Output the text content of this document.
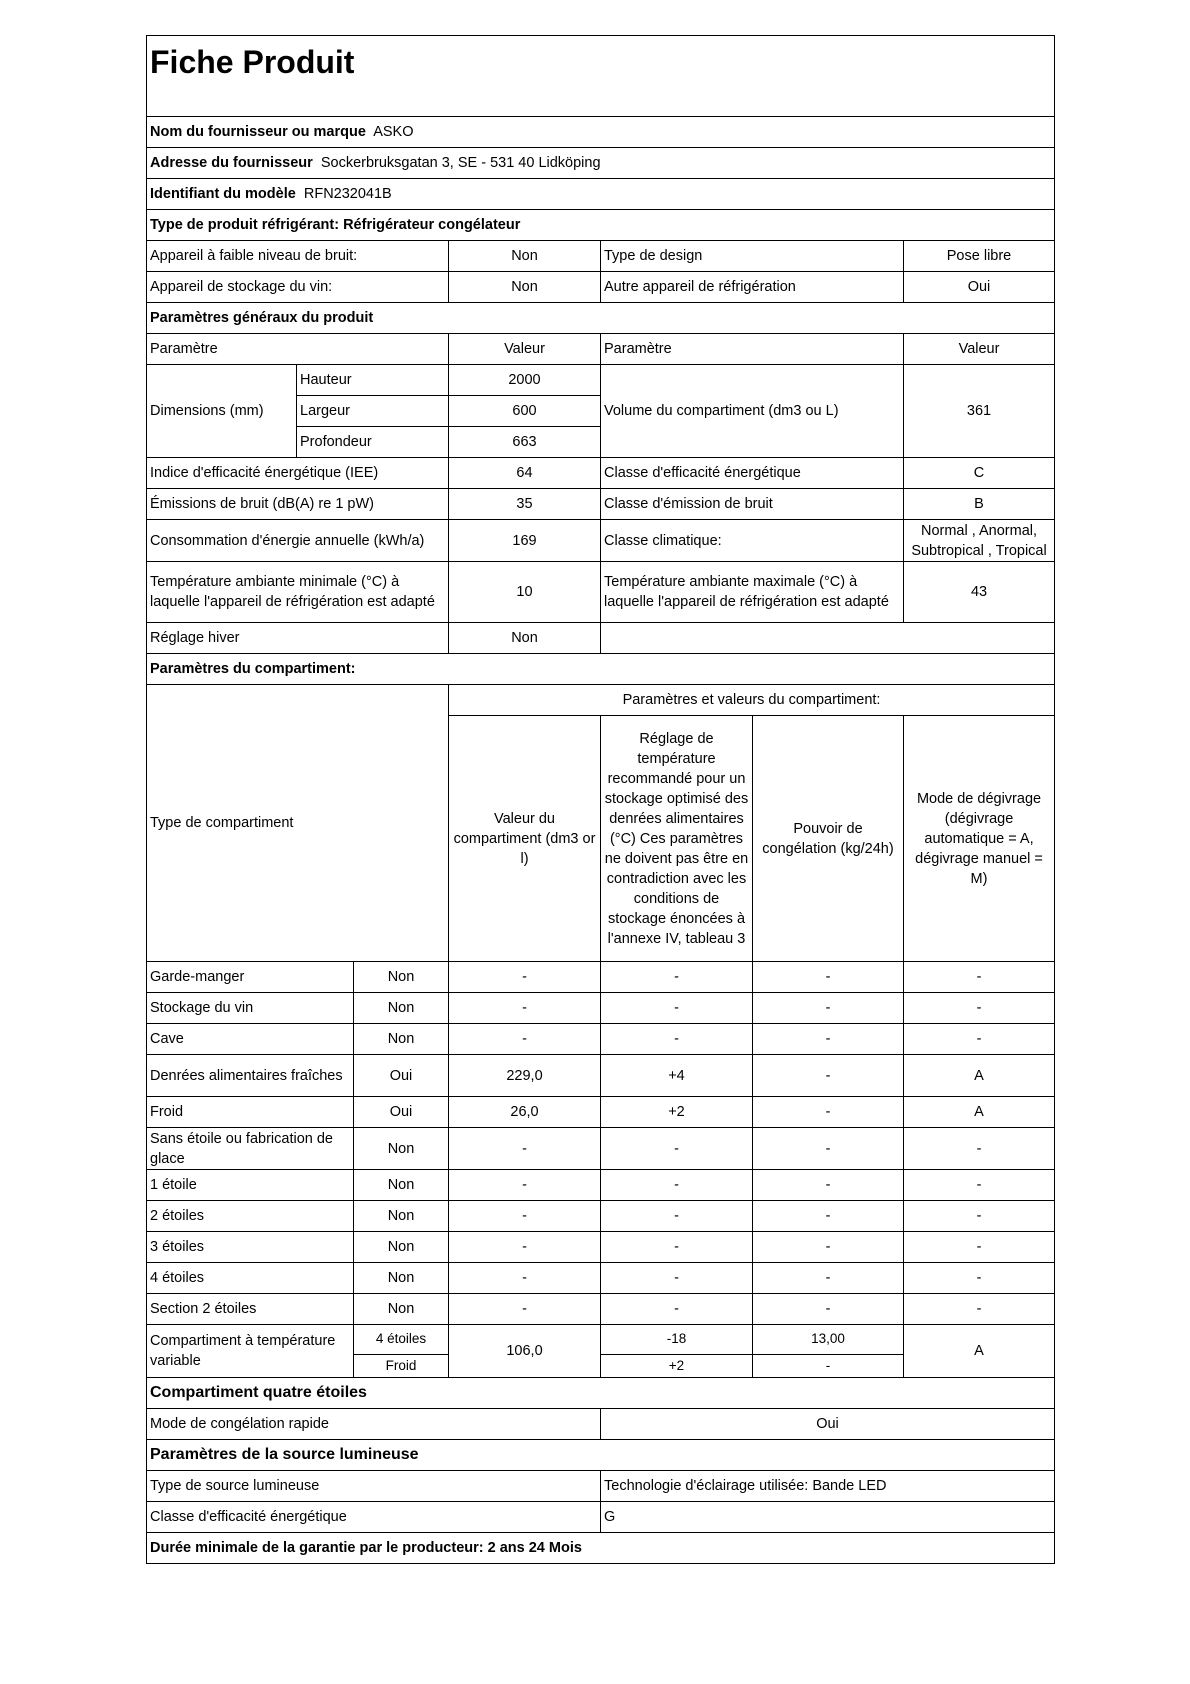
Fiche Produit						
Nom du fournisseur ou marque ASKO						
Adresse du fournisseur Sockerbruksgatan 3, SE - 531 40 Lidköping						
Identifiant du modèle RFN232041B						
Type de produit réfrigérant: Réfrigérateur congélateur						
Appareil à faible niveau de bruit:			Non	Type de design		Pose libre
Appareil de stockage du vin:			Non	Autre appareil de réfrigération		Oui
Paramètres généraux du produit						
Paramètre			Valeur	Paramètre		Valeur
Dimensions (mm)	Hauteur		2000	Volume du compartiment (dm3 ou L)		361
	Largeur		600			
	Profondeur		663			
Indice d'efficacité énergétique (IEE)			64	Classe d'efficacité énergétique		C
Émissions de bruit (dB(A) re 1 pW)			35	Classe d'émission de bruit		B
Consommation d'énergie annuelle (kWh/a)			169	Classe climatique:		Normal , Anormal,
Subtropical , Tropical
Température ambiante minimale (°C) à laquelle l'appareil de réfrigération est adapté			10	Température ambiante maximale (°C) à laquelle l'appareil de réfrigération est adapté		43
Réglage hiver			Non			
Paramètres du compartiment:						
Type de compartiment			Paramètres et valeurs du compartiment:			
			Valeur du compartiment (dm3 or l)	Réglage de température recommandé pour un stockage optimisé des denrées alimentaires (°C) Ces paramètres ne doivent pas être en contradiction avec les conditions de stockage énoncées à l'annexe IV, tableau 3	Pouvoir de congélation (kg/24h)	Mode de dégivrage (dégivrage automatique = A, dégivrage manuel = M)
Garde-manger		Non	-	-	-	-
Stockage du vin		Non	-	-	-	-
Cave		Non	-	-	-	-
Denrées alimentaires fraîches		Oui	229,0	+4	-	A
Froid		Oui	26,0	+2	-	A
Sans étoile ou fabrication de glace		Non	-	-	-	-
1 étoile		Non	-	-	-	-
2 étoiles		Non	-	-	-	-
3 étoiles		Non	-	-	-	-
4 étoiles		Non	-	-	-	-
Section 2 étoiles		Non	-	-	-	-
Compartiment à température variable		4 étoiles	106,0	-18	13,00	A
		Froid		+2	-	
Compartiment quatre étoiles						
Mode de congélation rapide				Oui		
Paramètres de la source lumineuse						
Type de source lumineuse				Technologie d'éclairage utilisée: Bande LED		
Classe d'efficacité énergétique				G		
Durée minimale de la garantie par le producteur: 2 ans 24 Mois						
